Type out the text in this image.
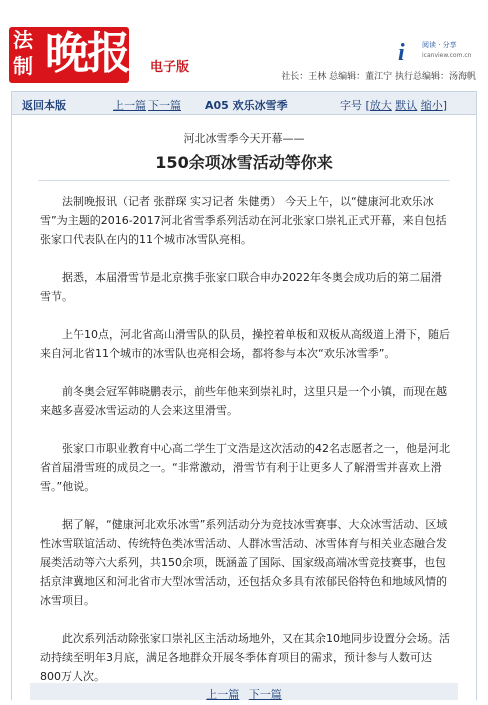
法
制 晚报 电子版
i 阅读 · 分享
icanview.com.cn
社长：王林 总编辑：董江宁 执行总编辑：汤海帆
返回本版	上一篇 下一篇 A05 欢乐冰雪季	字号 [放大 默认 缩小]
河北冰雪季今天开幕——
150余项冰雪活动等你来

法制晚报讯（记者 张群琛 实习记者 朱健勇） 今天上午，以“健康河北欢乐冰雪”为主题的2016-2017河北省雪季系列活动在河北张家口崇礼正式开幕，来自包括张家口代表队在内的11个城市冰雪队亮相。

据悉，本届滑雪节是北京携手张家口联合申办2022年冬奥会成功后的第二届滑雪节。

上午10点，河北省高山滑雪队的队员，操控着单板和双板从高级道上滑下，随后来自河北省11个城市的冰雪队也亮相会场，都将参与本次“欢乐冰雪季”。

前冬奥会冠军韩晓鹏表示，前些年他来到崇礼时，这里只是一个小镇，而现在越来越多喜爱冰雪运动的人会来这里滑雪。

张家口市职业教育中心高二学生丁文浩是这次活动的42名志愿者之一，他是河北省首届滑雪班的成员之一。“非常激动，滑雪节有利于让更多人了解滑雪并喜欢上滑雪。”他说。

据了解，“健康河北欢乐冰雪”系列活动分为竞技冰雪赛事、大众冰雪活动、区域性冰雪联谊活动、传统特色类冰雪活动、人群冰雪活动、冰雪体育与相关业态融合发展类活动等六大系列，共150余项，既涵盖了国际、国家级高端冰雪竞技赛事，也包括京津冀地区和河北省市大型冰雪活动，还包括众多具有浓郁民俗特色和地域风情的冰雪项目。

此次系列活动除张家口崇礼区主活动场地外，又在其余10地同步设置分会场。活动持续至明年3月底，满足各地群众开展冬季体育项目的需求，预计参与人数可达800万人次。

上一篇 下一篇
